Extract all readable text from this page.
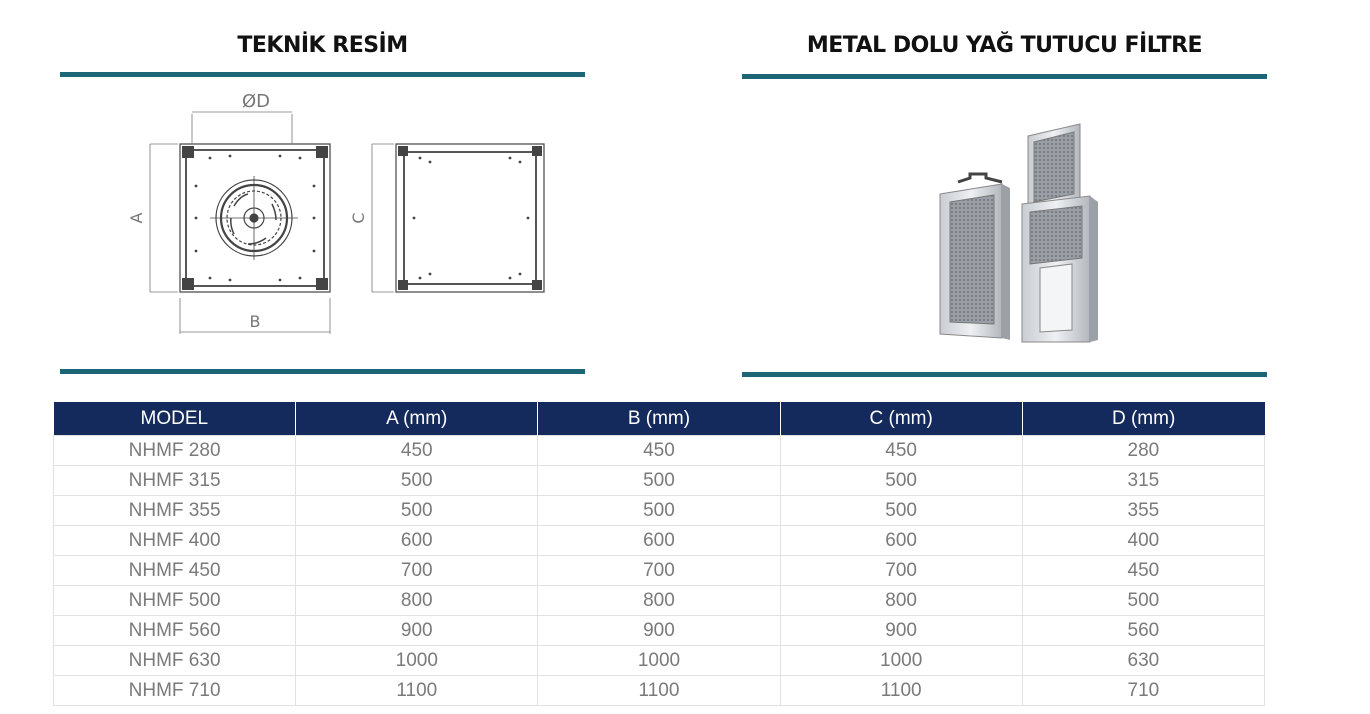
TEKNİK RESİM
ØD
A
B
C
METAL DOLU YAĞ TUTUCU FİLTRE
MODEL	A (mm)	B (mm)	C (mm)	D (mm)
NHMF 280	450	450	450	280
NHMF 315	500	500	500	315
NHMF 355	500	500	500	355
NHMF 400	600	600	600	400
NHMF 450	700	700	700	450
NHMF 500	800	800	800	500
NHMF 560	900	900	900	560
NHMF 630	1000	1000	1000	630
NHMF 710	1100	1100	1100	710
